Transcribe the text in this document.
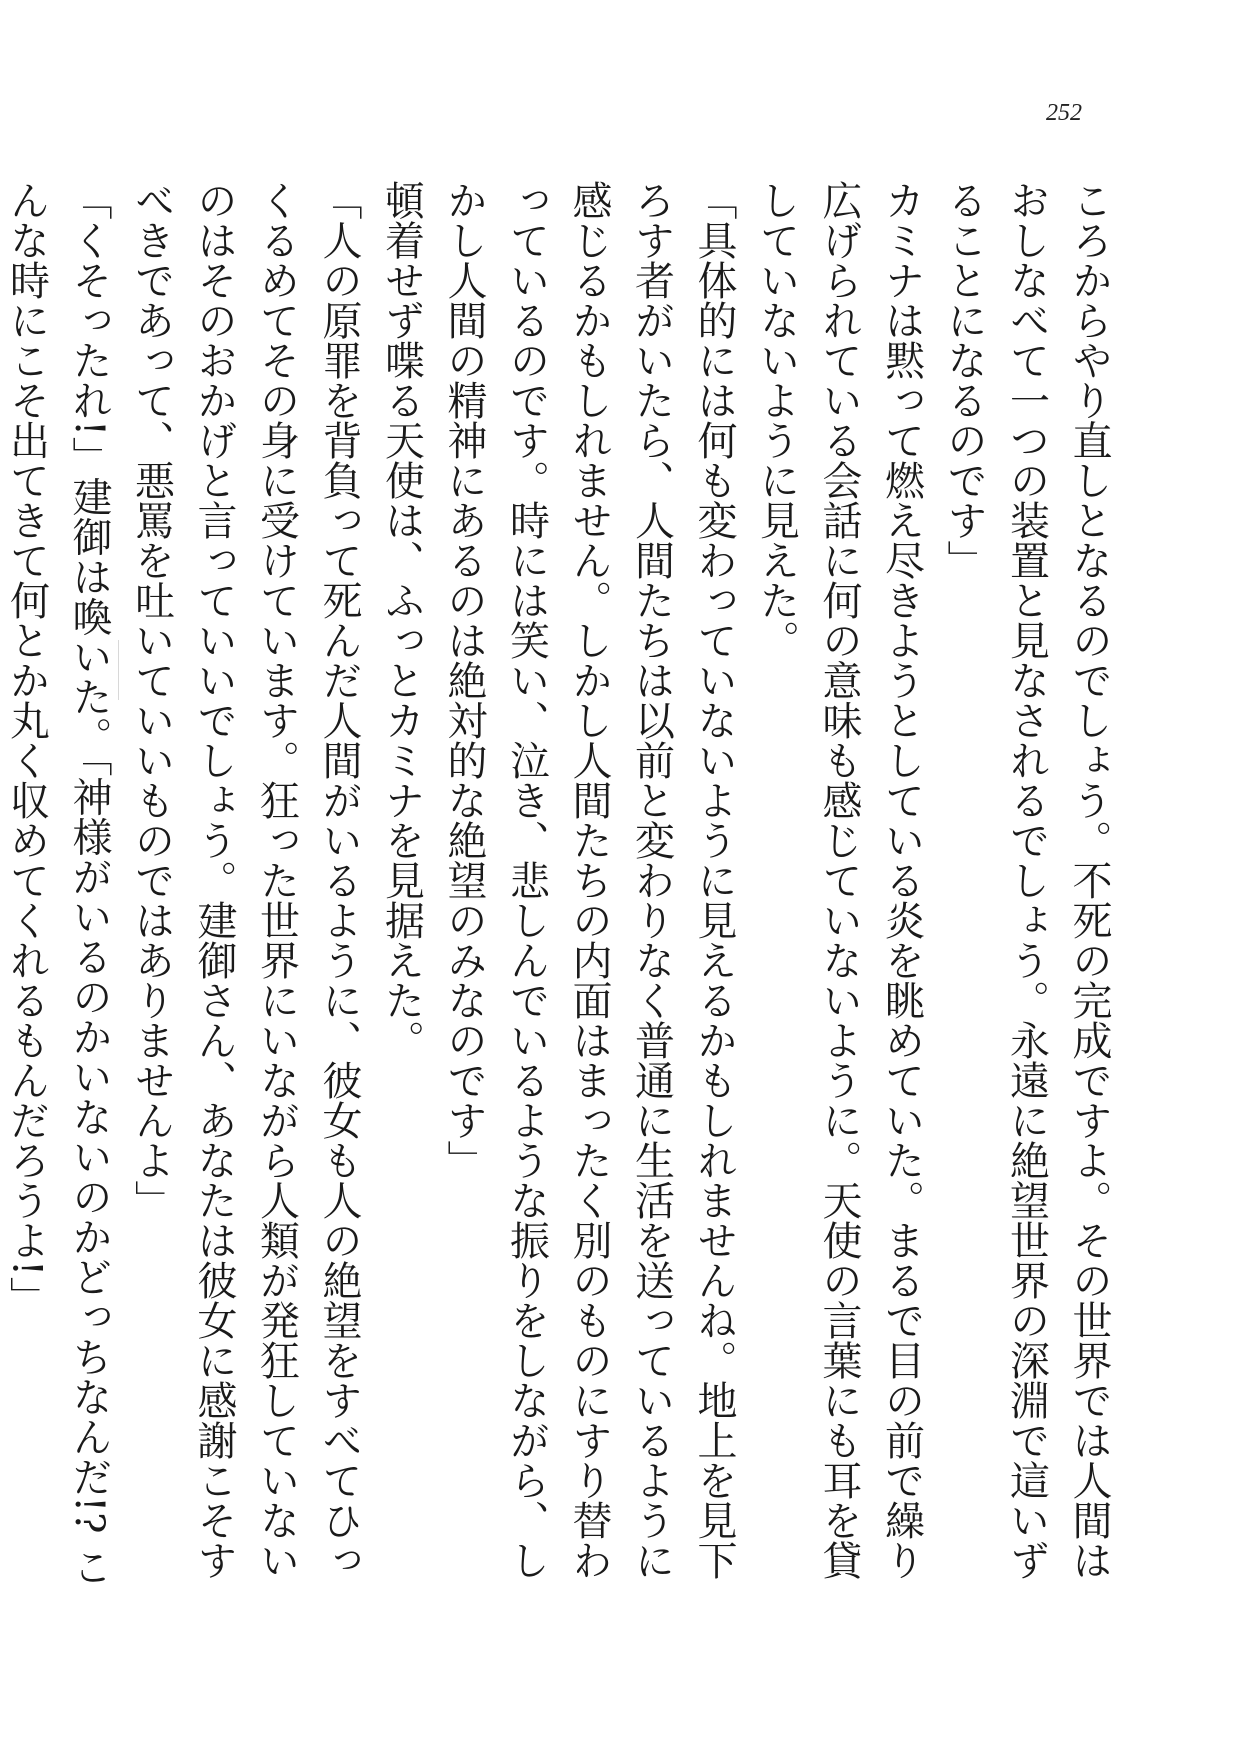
252

ころからやり直しとなるのでしょう。不死の完成ですよ。その世界では人間はおしなべて一つの装置と見なされるでしょう。永遠に絶望世界の深淵で這いずることになるのです」

カミナは黙って燃え尽きようとしている炎を眺めていた。まるで目の前で繰り広げられている会話に何の意味も感じていないように。天使の言葉にも耳を貸していないように見えた。

「具体的には何も変わっていないように見えるかもしれませんね。地上を見下ろす者がいたら、人間たちは以前と変わりなく普通に生活を送っているように感じるかもしれません。しかし人間たちの内面はまったく別のものにすり替わっているのです。時には笑い、泣き、悲しんでいるような振りをしながら、しかし人間の精神にあるのは絶対的な絶望のみなのです」

頓着せず喋る天使は、ふっとカミナを見据えた。

「人の原罪を背負って死んだ人間がいるように、彼女も人の絶望をすべてひっくるめてその身に受けています。狂った世界にいながら人類が発狂していないのはそのおかげと言っていいでしょう。建御さん、あなたは彼女に感謝こそすべきであって、悪罵を吐いていいものではありませんよ」

「くそったれ!」建御は喚いた。「神様がいるのかいないのかどっちなんだ!? こんな時にこそ出てきて何とか丸く収めてくれるもんだろうよ!」
